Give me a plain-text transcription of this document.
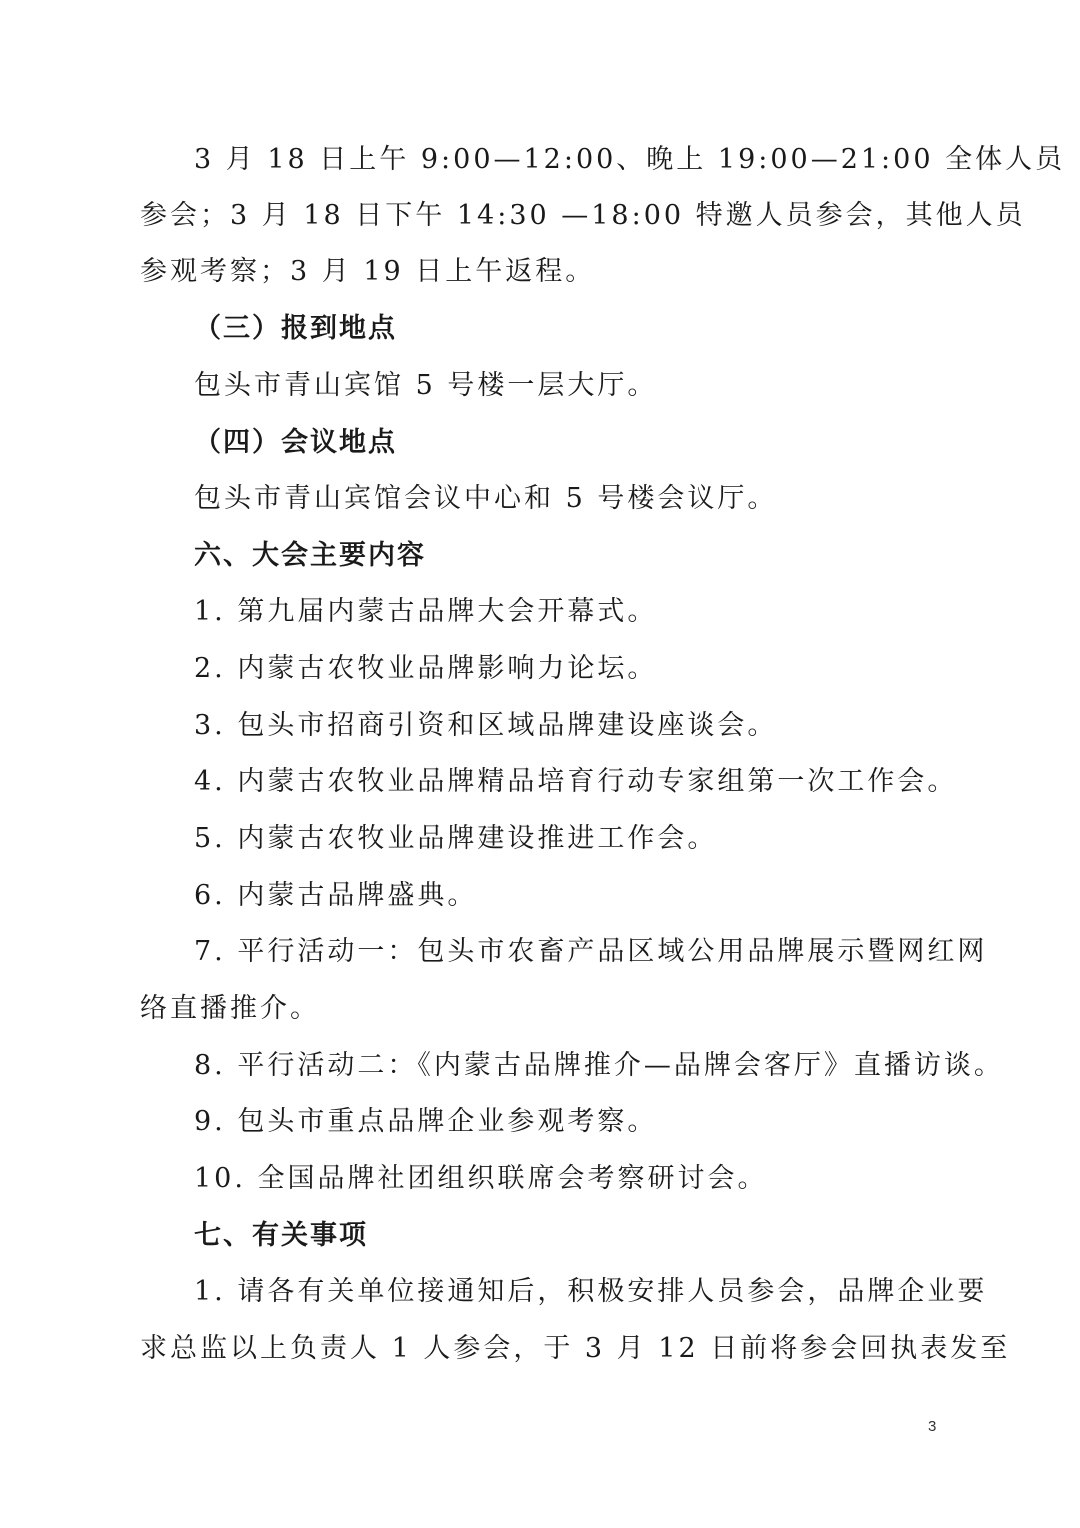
3 月 18 日上午 9:00—12:00、晚上 19:00—21:00 全体人员
参会；3 月 18 日下午 14:30 —18:00 特邀人员参会，其他人员
参观考察；3 月 19 日上午返程。
（三）报到地点
包头市青山宾馆 5 号楼一层大厅。
（四）会议地点
包头市青山宾馆会议中心和 5 号楼会议厅。
六、大会主要内容
1. 第九届内蒙古品牌大会开幕式。
2. 内蒙古农牧业品牌影响力论坛。
3. 包头市招商引资和区域品牌建设座谈会。
4. 内蒙古农牧业品牌精品培育行动专家组第一次工作会。
5. 内蒙古农牧业品牌建设推进工作会。
6. 内蒙古品牌盛典。
7. 平行活动一：包头市农畜产品区域公用品牌展示暨网红网
络直播推介。
8. 平行活动二：《内蒙古品牌推介—品牌会客厅》直播访谈。
9. 包头市重点品牌企业参观考察。
10. 全国品牌社团组织联席会考察研讨会。
七、有关事项
1. 请各有关单位接通知后，积极安排人员参会，品牌企业要
求总监以上负责人 1 人参会，于 3 月 12 日前将参会回执表发至
3
